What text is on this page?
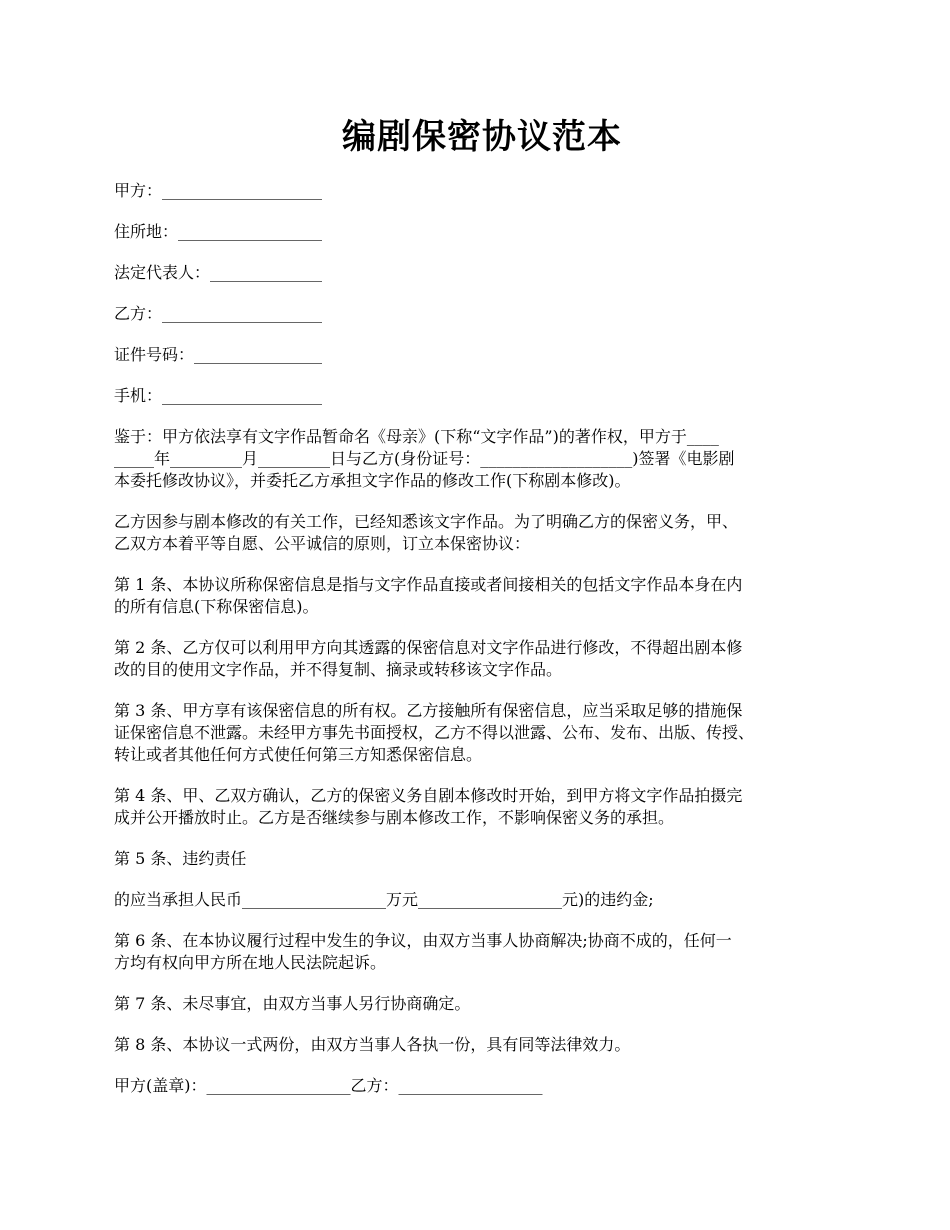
编剧保密协议范本
甲方：____________________
住所地：__________________
法定代表人：______________
乙方：____________________
证件号码：________________
手机：____________________
鉴于：甲方依法享有文字作品暂命名《母亲》(下称“文字作品”)的著作权，甲方于____
_____年_________月_________日与乙方(身份证号：___________________)签署《电影剧
本委托修改协议》，并委托乙方承担文字作品的修改工作(下称剧本修改)。
乙方因参与剧本修改的有关工作，已经知悉该文字作品。为了明确乙方的保密义务，甲、
乙双方本着平等自愿、公平诚信的原则，订立本保密协议：
第 1 条、本协议所称保密信息是指与文字作品直接或者间接相关的包括文字作品本身在内
的所有信息(下称保密信息)。
第 2 条、乙方仅可以利用甲方向其透露的保密信息对文字作品进行修改，不得超出剧本修
改的目的使用文字作品，并不得复制、摘录或转移该文字作品。
第 3 条、甲方享有该保密信息的所有权。乙方接触所有保密信息，应当采取足够的措施保
证保密信息不泄露。未经甲方事先书面授权，乙方不得以泄露、公布、发布、出版、传授、
转让或者其他任何方式使任何第三方知悉保密信息。
第 4 条、甲、乙双方确认，乙方的保密义务自剧本修改时开始，到甲方将文字作品拍摄完
成并公开播放时止。乙方是否继续参与剧本修改工作，不影响保密义务的承担。
第 5 条、违约责任
的应当承担人民币__________________万元__________________元)的违约金;
第 6 条、在本协议履行过程中发生的争议，由双方当事人协商解决;协商不成的，任何一
方均有权向甲方所在地人民法院起诉。
第 7 条、未尽事宜，由双方当事人另行协商确定。
第 8 条、本协议一式两份，由双方当事人各执一份，具有同等法律效力。
甲方(盖章)：__________________乙方：__________________
